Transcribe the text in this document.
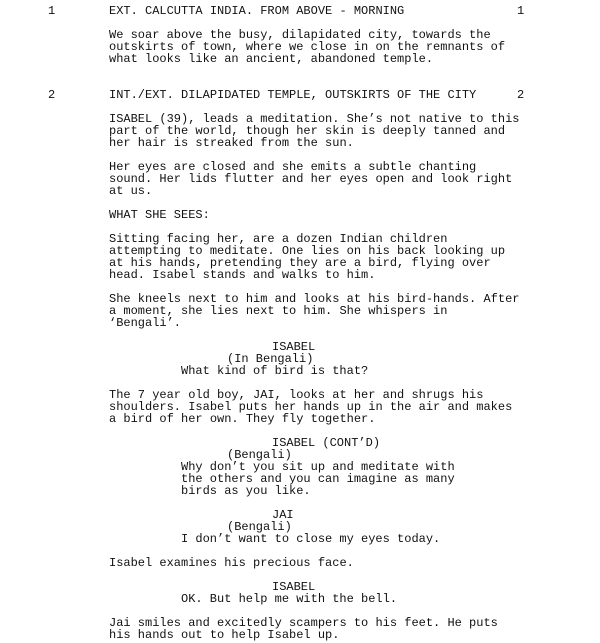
1	EXT. CALCUTTA INDIA. FROM ABOVE - MORNING	1
We soar above the busy, dilapidated city, towards the
outskirts of town, where we close in on the remnants of
what looks like an ancient, abandoned temple.
2	INT./EXT. DILAPIDATED TEMPLE, OUTSKIRTS OF THE CITY	2
ISABEL (39), leads a meditation. She’s not native to this
part of the world, though her skin is deeply tanned and
her hair is streaked from the sun.
Her eyes are closed and she emits a subtle chanting
sound. Her lids flutter and her eyes open and look right
at us.
WHAT SHE SEES:
Sitting facing her, are a dozen Indian children
attempting to meditate. One lies on his back looking up
at his hands, pretending they are a bird, flying over
head. Isabel stands and walks to him.
She kneels next to him and looks at his bird-hands. After
a moment, she lies next to him. She whispers in
‘Bengali’.
ISABEL
(In Bengali)
What kind of bird is that?
The 7 year old boy, JAI, looks at her and shrugs his
shoulders. Isabel puts her hands up in the air and makes
a bird of her own. They fly together.
ISABEL (CONT’D)
(Bengali)
Why don’t you sit up and meditate with
the others and you can imagine as many
birds as you like.
JAI
(Bengali)
I don’t want to close my eyes today.
Isabel examines his precious face.
ISABEL
OK. But help me with the bell.
Jai smiles and excitedly scampers to his feet. He puts
his hands out to help Isabel up.
